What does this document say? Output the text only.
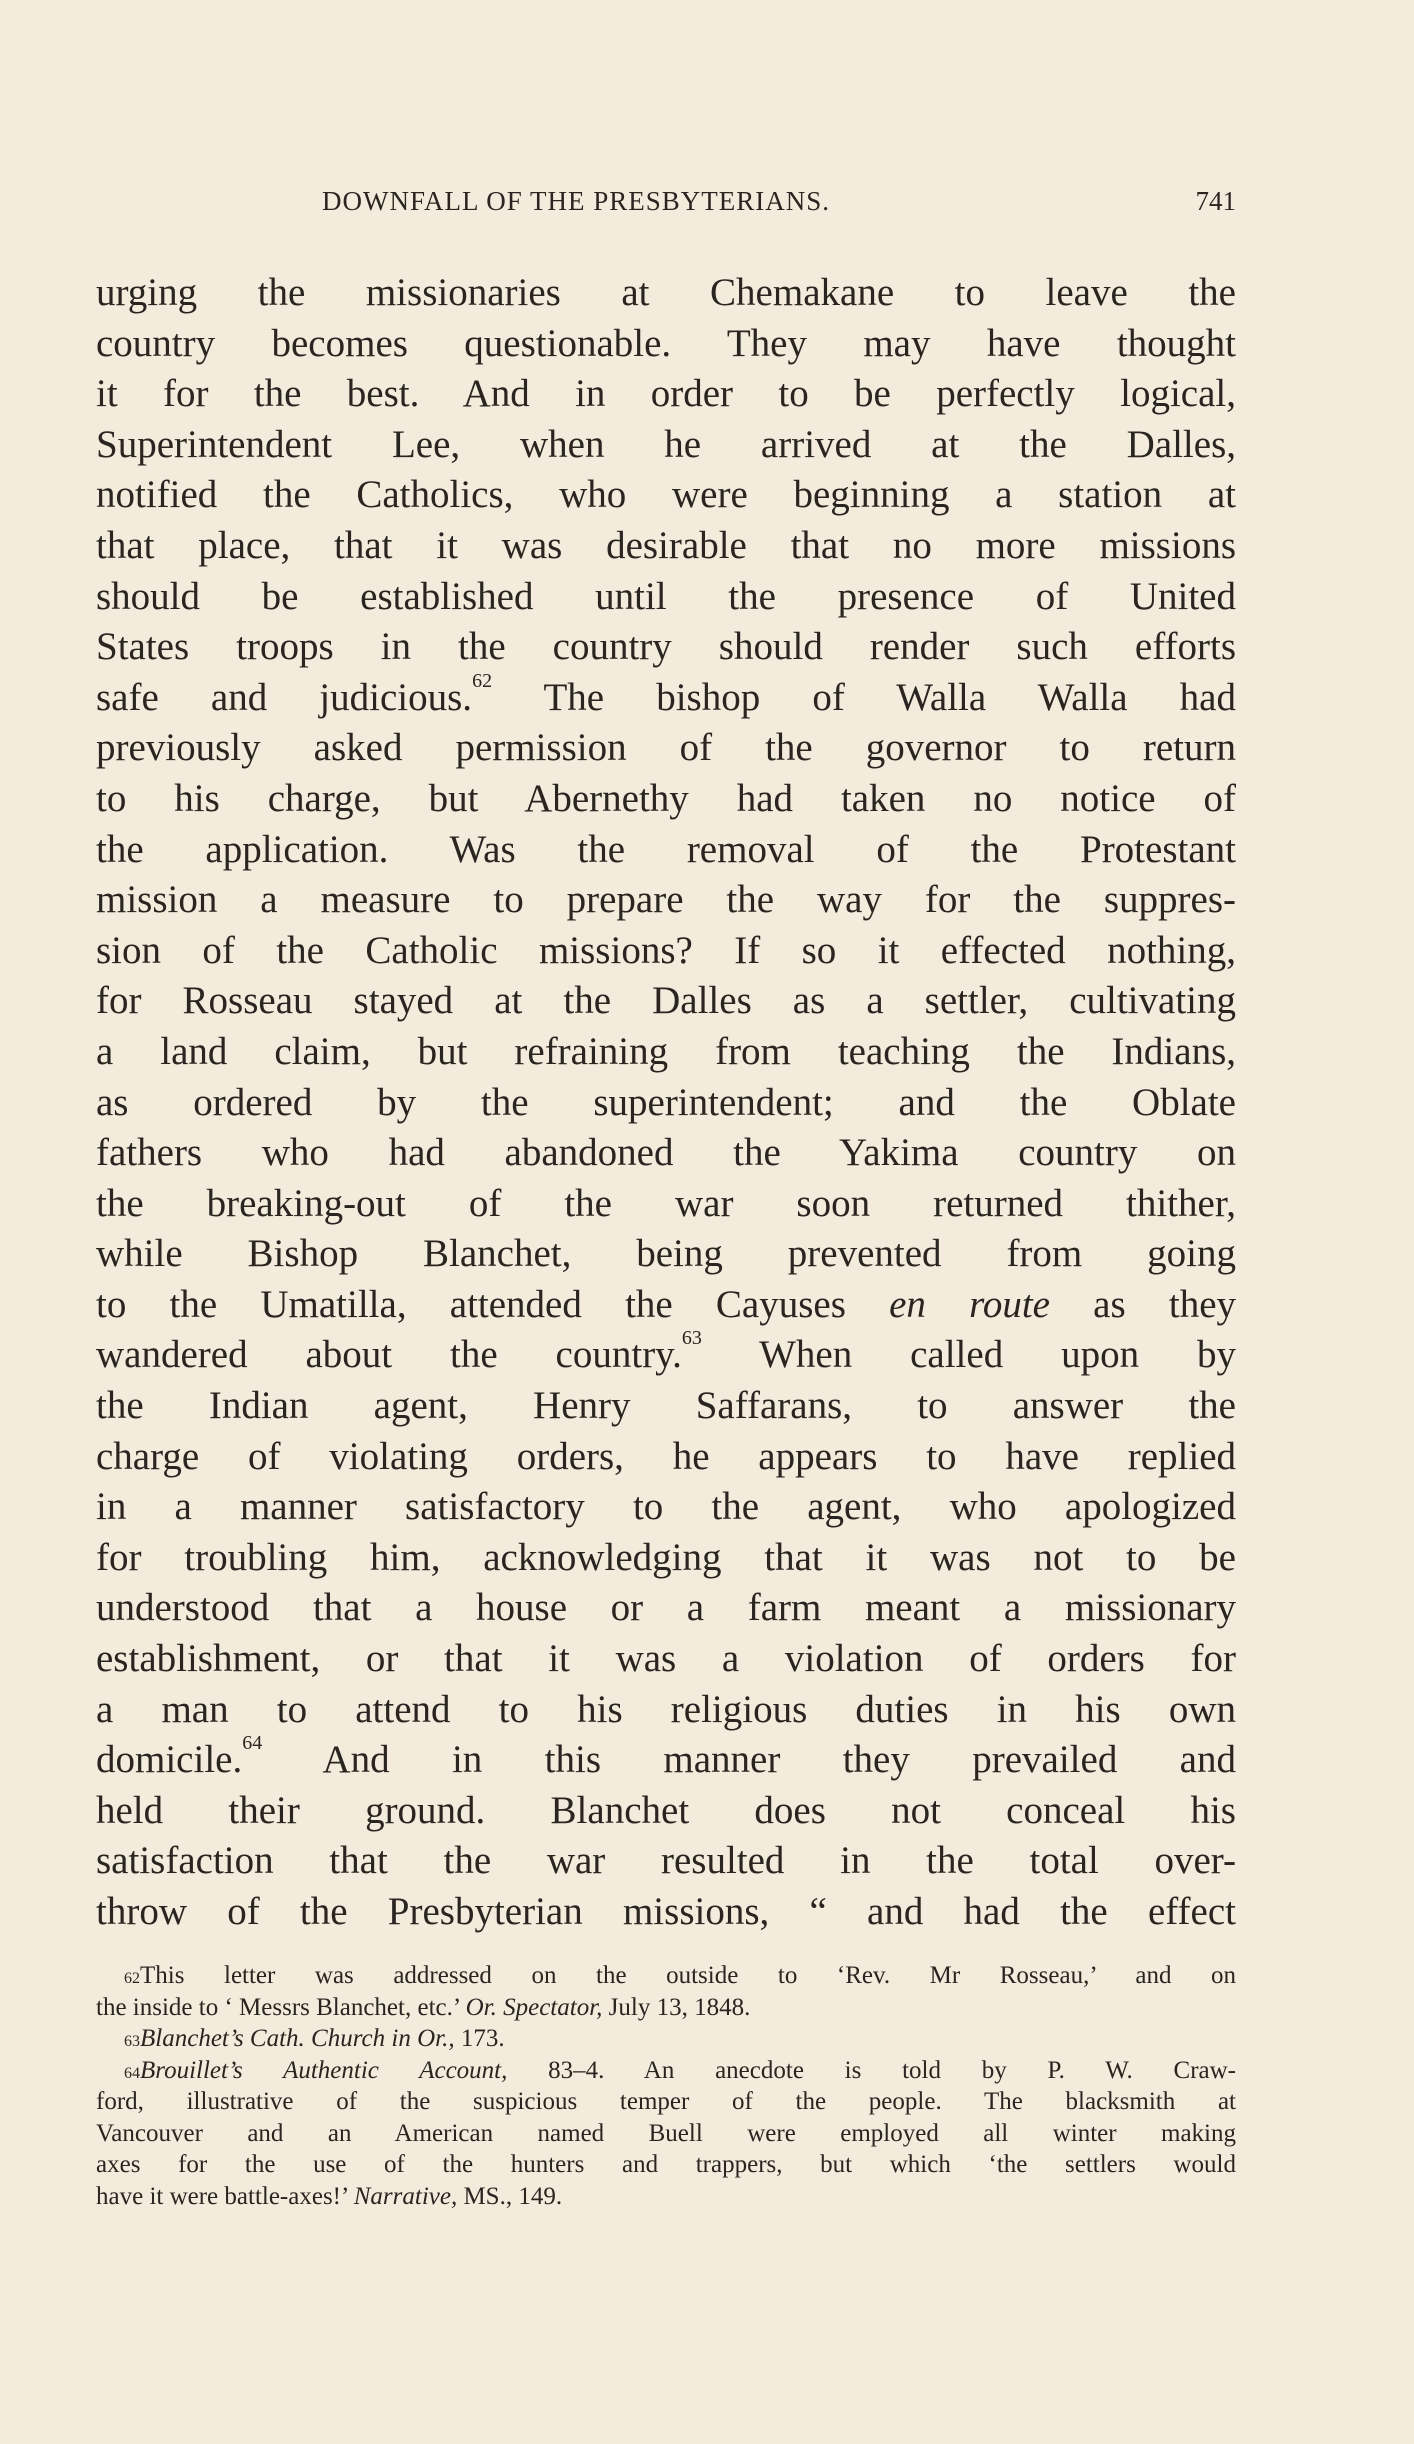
DOWNFALL OF THE PRESBYTERIANS.	741
urging the missionaries at Chemakane to leave the
country becomes questionable. They may have thought
it for the best. And in order to be perfectly logical,
Superintendent Lee, when he arrived at the Dalles,
notified the Catholics, who were beginning a station at
that place, that it was desirable that no more missions
should be established until the presence of United
States troops in the country should render such efforts
safe and judicious.$^{62}$ The bishop of Walla Walla had
previously asked permission of the governor to return
to his charge, but Abernethy had taken no notice of
the application. Was the removal of the Protestant
mission a measure to prepare the way for the suppres-
sion of the Catholic missions? If so it effected nothing,
for Rosseau stayed at the Dalles as a settler, cultivating
a land claim, but refraining from teaching the Indians,
as ordered by the superintendent; and the Oblate
fathers who had abandoned the Yakima country on
the breaking-out of the war soon returned thither,
while Bishop Blanchet, being prevented from going
to the Umatilla, attended the Cayuses en route as they
wandered about the country.$^{63}$ When called upon by
the Indian agent, Henry Saffarans, to answer the
charge of violating orders, he appears to have replied
in a manner satisfactory to the agent, who apologized
for troubling him, acknowledging that it was not to be
understood that a house or a farm meant a missionary
establishment, or that it was a violation of orders for
a man to attend to his religious duties in his own
domicile.$^{64}$ And in this manner they prevailed and
held their ground. Blanchet does not conceal his
satisfaction that the war resulted in the total over-
throw of the Presbyterian missions, “ and had the effect
$^{62}$This letter was addressed on the outside to ‘Rev. Mr Rosseau,’ and on
the inside to ‘ Messrs Blanchet, etc.’ Or. Spectator, July 13, 1848.
$^{63}$Blanchet’s Cath. Church in Or., 173.
$^{64}$Brouillet’s Authentic Account, 83–4. An anecdote is told by P. W. Craw-
ford, illustrative of the suspicious temper of the people. The blacksmith at
Vancouver and an American named Buell were employed all winter making
axes for the use of the hunters and trappers, but which ‘the settlers would
have it were battle-axes!’ Narrative, MS., 149.
